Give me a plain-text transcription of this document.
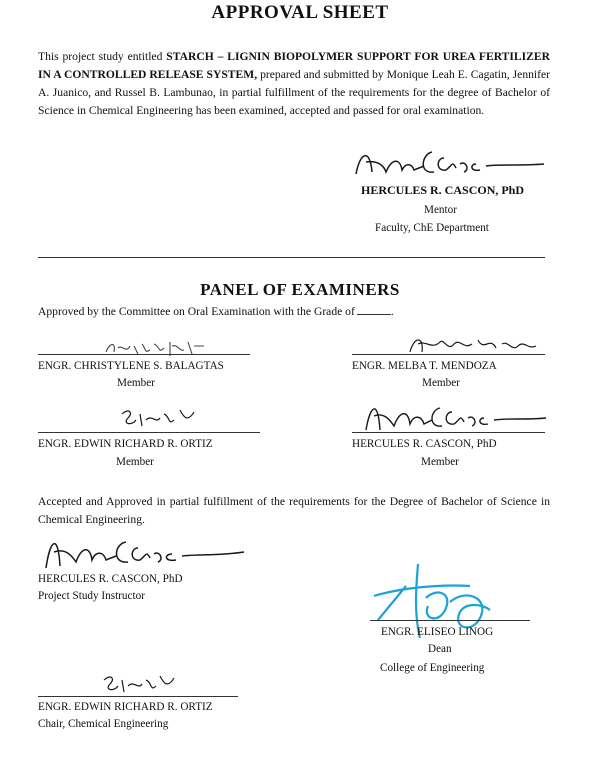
APPROVAL SHEET
This project study entitled STARCH – LIGNIN BIOPOLYMER SUPPORT FOR UREA FERTILIZER IN A CONTROLLED RELEASE SYSTEM, prepared and submitted by Monique Leah E. Cagatin, Jennifer A. Juanico, and Russel B. Lambunao, in partial fulfillment of the requirements for the degree of Bachelor of Science in Chemical Engineering has been examined, accepted and passed for oral examination.
HERCULES R. CASCON, PhD
Mentor
Faculty, ChE Department
PANEL OF EXAMINERS
Approved by the Committee on Oral Examination with the Grade of	.
ENGR. CHRISTYLENE S. BALAGTAS
Member
ENGR. MELBA T. MENDOZA
Member
ENGR. EDWIN RICHARD R. ORTIZ
Member
HERCULES R. CASCON, PhD
Member
Accepted and Approved in partial fulfillment of the requirements for the Degree of Bachelor of Science in Chemical Engineering.
HERCULES R. CASCON, PhD
Project Study Instructor
ENGR. ELISEO LINOG
Dean
College of Engineering
ENGR. EDWIN RICHARD R. ORTIZ
Chair, Chemical Engineering
